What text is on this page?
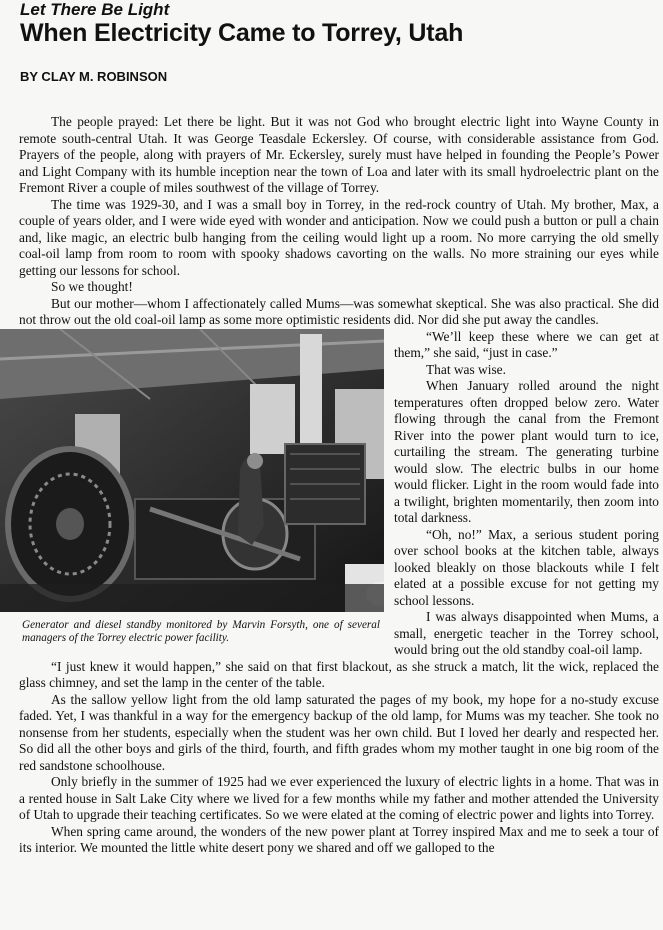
Let There Be Light
When Electricity Came to Torrey, Utah
BY CLAY M. ROBINSON

The people prayed: Let there be light. But it was not God who brought electric light into Wayne County in remote south-central Utah. It was George Teasdale Eckersley. Of course, with considerable assistance from God. Prayers of the people, along with prayers of Mr. Eckersley, surely must have helped in founding the People’s Power and Light Company with its humble inception near the town of Loa and later with its small hydroelectric plant on the Fremont River a couple of miles southwest of the village of Torrey.

The time was 1929-30, and I was a small boy in Torrey, in the red-rock country of Utah. My brother, Max, a couple of years older, and I were wide eyed with wonder and anticipation. Now we could push a button or pull a chain and, like magic, an electric bulb hanging from the ceiling would light up a room. No more carrying the old smelly coal-oil lamp from room to room with spooky shadows cavorting on the walls. No more straining our eyes while getting our lessons for school.

So we thought!

But our mother—whom I affectionately called Mums—was somewhat skeptical. She was also practical. She did not throw out the old coal-oil lamp as some more optimistic residents did. Nor did she put away the candles.

Generator and diesel standby monitored by Marvin Forsyth, one of several managers of the Torrey electric power facility.

“We’ll keep these where we can get at them,” she said, “just in case.”

That was wise.

When January rolled around the night temperatures often dropped below zero. Water flowing through the canal from the Fremont River into the power plant would turn to ice, curtailing the stream. The generating turbine would slow. The electric bulbs in our home would flicker. Light in the room would fade into a twilight, brighten momentarily, then zoom into total darkness.

“Oh, no!” Max, a serious student poring over school books at the kitchen table, always looked bleakly on those blackouts while I felt elated at a possible excuse for not getting my school lessons.

I was always disappointed when Mums, a small, energetic teacher in the Torrey school, would bring out the old standby coal-oil lamp.

“I just knew it would happen,” she said on that first blackout, as she struck a match, lit the wick, replaced the glass chimney, and set the lamp in the center of the table.

As the sallow yellow light from the old lamp saturated the pages of my book, my hope for a no-study excuse faded. Yet, I was thankful in a way for the emergency backup of the old lamp, for Mums was my teacher. She took no nonsense from her students, especially when the student was her own child. But I loved her dearly and respected her. So did all the other boys and girls of the third, fourth, and fifth grades whom my mother taught in one big room of the red sandstone schoolhouse.

Only briefly in the summer of 1925 had we ever experienced the luxury of electric lights in a home. That was in a rented house in Salt Lake City where we lived for a few months while my father and mother attended the University of Utah to upgrade their teaching certificates. So we were elated at the coming of electric power and lights into Torrey.

When spring came around, the wonders of the new power plant at Torrey inspired Max and me to seek a tour of its interior. We mounted the little white desert pony we shared and off we galloped to the
